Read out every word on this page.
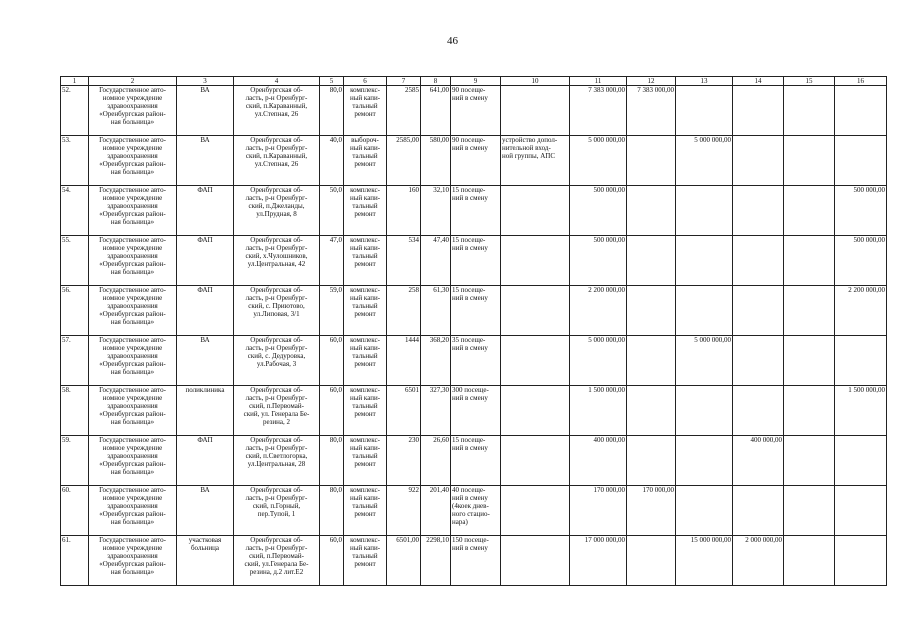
46
1	2	3	4	5	6	7	8	9	10	11	12	13	14	15	16
52.	Государственное авто-
номное учреждение
здравоохранения
«Оренбургская район-
ная больница»	ВА	Оренбургская об-
ласть, р-н Оренбург-
ский, п.Караванный,
ул.Степная, 26	80,0	комплекс-
ный капи-
тальный
ремонт	2585	641,00	90 посеще-
ний в смену		7 383 000,00	7 383 000,00				
53.	Государственное авто-
номное учреждение
здравоохранения
«Оренбургская район-
ная больница»	ВА	Оренбургская об-
ласть, р-н Оренбург-
ский, п.Караванный,
ул.Степная, 26	40,0	выбороч-
ный капи-
тальный
ремонт	2585,00	580,00	90 посеще-
ний в смену	устройство допол-
нительной вход-
ной группы, АПС	5 000 000,00		5 000 000,00			
54.	Государственное авто-
номное учреждение
здравоохранения
«Оренбургская район-
ная больница»	ФАП	Оренбургская об-
ласть, р-н Оренбург-
ский, п.Джеланды,
ул.Прудная, 8	50,0	комплекс-
ный капи-
тальный
ремонт	160	32,10	15 посеще-
ний в смену		500 000,00					500 000,00
55.	Государственное авто-
номное учреждение
здравоохранения
«Оренбургская район-
ная больница»	ФАП	Оренбургская об-
ласть, р-н Оренбург-
ский, х.Чулошников,
ул.Центральная, 42	47,0	комплекс-
ный капи-
тальный
ремонт	534	47,40	15 посеще-
ний в смену		500 000,00					500 000,00
56.	Государственное авто-
номное учреждение
здравоохранения
«Оренбургская район-
ная больница»	ФАП	Оренбургская об-
ласть, р-н Оренбург-
ский, с. Приютово,
ул.Липовая, 3/1	59,0	комплекс-
ный капи-
тальный
ремонт	258	61,30	15 посеще-
ний в смену		2 200 000,00					2 200 000,00
57.	Государственное авто-
номное учреждение
здравоохранения
«Оренбургская район-
ная больница»	ВА	Оренбургская об-
ласть, р-н Оренбург-
ский, с. Дедуровка,
ул.Рабочая, 3	60,0	комплекс-
ный капи-
тальный
ремонт	1444	368,20	35 посеще-
ний в смену		5 000 000,00		5 000 000,00			
58.	Государственное авто-
номное учреждение
здравоохранения
«Оренбургская район-
ная больница»	поликлиника	Оренбургская об-
ласть, р-н Оренбург-
ский, п.Первомай-
ский, ул. Генерала Бе-
резина, 2	60,0	комплекс-
ный капи-
тальный
ремонт	6501	327,30	300 посеще-
ний в смену		1 500 000,00					1 500 000,00
59.	Государственное авто-
номное учреждение
здравоохранения
«Оренбургская район-
ная больница»	ФАП	Оренбургская об-
ласть, р-н Оренбург-
ский, п.Светлогорка,
ул.Центральная, 28	80,0	комплекс-
ный капи-
тальный
ремонт	230	26,60	15 посеще-
ний в смену		400 000,00			400 000,00		
60.	Государственное авто-
номное учреждение
здравоохранения
«Оренбургская район-
ная больница»	ВА	Оренбургская об-
ласть, р-н Оренбург-
ский, п.Горный,
пер.Тупой, 1	80,0	комплекс-
ный капи-
тальный
ремонт	922	201,40	40 посеще-
ний в смену
(4коек днев-
ного стацио-
нара)		170 000,00	170 000,00				
61.	Государственное авто-
номное учреждение
здравоохранения
«Оренбургская район-
ная больница»	участковая
больница	Оренбургская об-
ласть, р-н Оренбург-
ский, п.Первомай-
ский, ул.Генерала Бе-
резина, д.2 лит.Е2	60,0	комплекс-
ный капи-
тальный
ремонт	6501,00	2298,10	150 посеще-
ний в смену		17 000 000,00		15 000 000,00	2 000 000,00		
